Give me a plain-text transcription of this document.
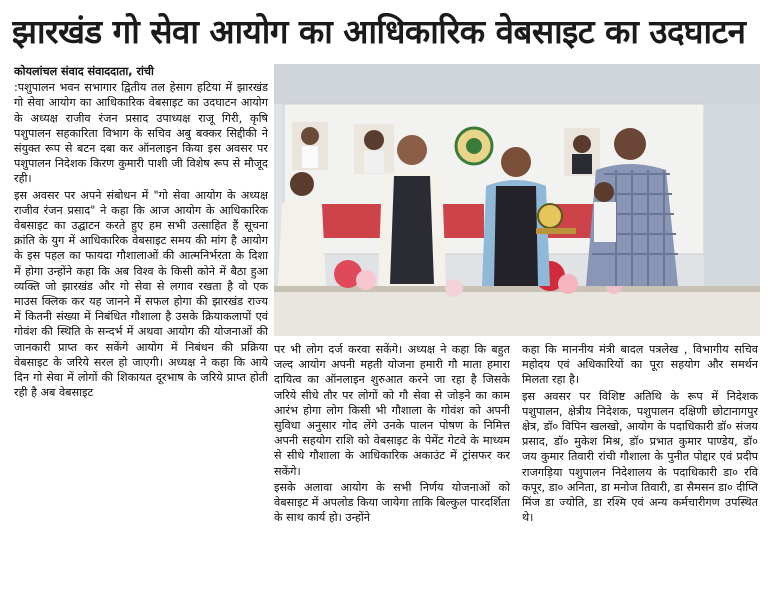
झारखंड गो सेवा आयोग का आधिकारिक वेबसाइट का उदघाटन

कोयलांचल संवाद संवाददाता, रांची

:पशुपालन भवन सभागार द्वितीय तल हेसाग हटिया में झारखंड गो सेवा आयोग का आधिकारिक वेबसाइट का उदघाटन आयोग के अध्यक्ष राजीव रंजन प्रसाद उपाध्यक्ष राजू गिरी, कृषि पशुपालन सहकारिता विभाग के सचिव अबु बक्कर सिद्दीकी ने संयुक्त रूप से बटन दबा कर ऑनलाइन किया इस अवसर पर पशुपालन निदेशक किरण कुमारी पाशी जी विशेष रूप से मौजूद रही।

इस अवसर पर अपने संबोधन में "गो सेवा आयोग के अध्यक्ष राजीव रंजन प्रसाद" ने कहा कि आज आयोग के आधिकारिक वेबसाइट का उद्घाटन करते हुए हम सभी उत्साहित हैं सूचना क्रांति के युग में आधिकारिक वेबसाइट समय की मांग है आयोग के इस पहल का फायदा गौशालाओं की आत्मनिर्भरता के दिशा में होगा उन्होंने कहा कि अब विश्व के किसी कोने में बैठा हुआ व्यक्ति जो झारखंड और गो सेवा से लगाव रखता है वो एक माउस क्लिक कर यह जानने में सफल होगा की झारखंड राज्य में कितनी संख्या में निबंधित गौशाला है उसके क्रियाकलापों एवं गोवंश की स्थिति के सन्दर्भ में अथवा आयोग की योजनाओं की जानकारी प्राप्त कर सकेंगे आयोग में निबंधन की प्रक्रिया वेबसाइट के जरिये सरल हो जाएगी। अध्यक्ष ने कहा कि आये दिन गो सेवा में लोगों की शिकायत दूरभाष के जरिये प्राप्त होती रही है अब वेबसाइट

पर भी लोग दर्ज करवा सकेंगे। अध्यक्ष ने कहा कि बहुत जल्द आयोग अपनी महती योजना हमारी गौ माता हमारा दायित्व का ऑनलाइन शुरुआत करने जा रहा है जिसके जरिये सीधे तौर पर लोगों को गौ सेवा से जोड़ने का काम आरंभ होगा लोग किसी भी गौशाला के गोवंश को अपनी सुविधा अनुसार गोद लेंगे उनके पालन पोषण के निमित्त अपनी सहयोग राशि को वेबसाइट के पेमेंट गेटवे के माध्यम से सीधे गौशाला के आधिकारिक अकाउंट में ट्रांसफर कर सकेंगे।

इसके अलावा आयोग के सभी निर्णय योजनाओं को वेबसाइट में अपलोड किया जायेगा ताकि बिल्कुल पारदर्शिता के साथ कार्य हो। उन्होंने

कहा कि माननीय मंत्री बादल पत्रलेख , विभागीय सचिव महोदय एवं अधिकारियों का पूरा सहयोग और समर्थन मिलता रहा है।

इस अवसर पर विशिष्ट अतिथि के रूप में निदेशक पशुपालन, क्षेत्रीय निदेशक, पशुपालन दक्षिणी छोटानागपुर क्षेत्र, डॉ० विपिन खलखो, आयोग के पदाधिकारी डॉ० संजय प्रसाद, डॉ० मुकेश मिश्र, डॉ० प्रभात कुमार पाण्डेय, डॉ० जय कुमार तिवारी रांची गौशाला के पुनीत पोद्दार एवं प्रदीप राजगड़िया पशुपालन निदेशालय के पदाधिकारी डा० रवि कपूर, डा० अनिता, डा मनोज तिवारी, डा सैमसन डा० दीप्ति मिंज डा ज्योति, डा रश्मि एवं अन्य कर्मचारीगण उपस्थित थे।
